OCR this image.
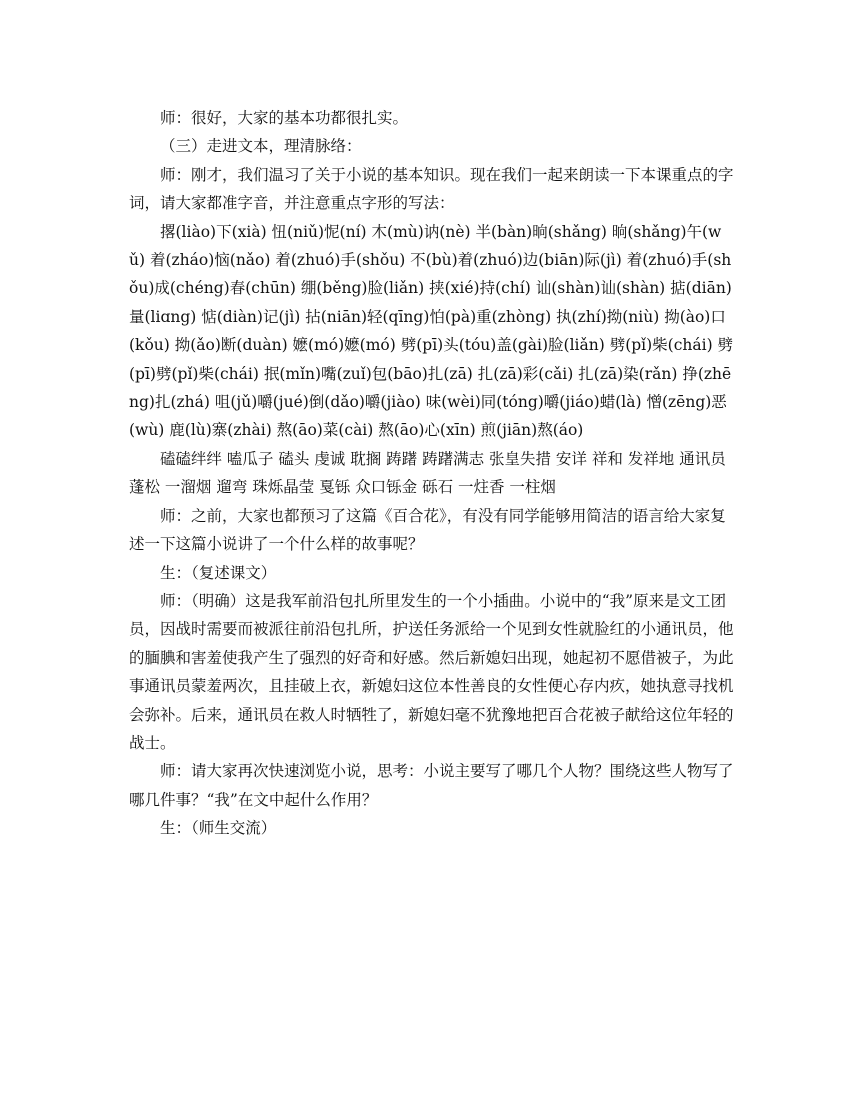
师：很好，大家的基本功都很扎实。

（三）走进文本，理清脉络：

师：刚才，我们温习了关于小说的基本知识。现在我们一起来朗读一下本课重点的字词，请大家都准字音，并注意重点字形的写法：

撂(liào)下(xià) 忸(niǔ)怩(ní) 木(mù)讷(nè) 半(bàn)晌(shǎng) 晌(shǎng)午(wǔ) 着(zháo)恼(nǎo) 着(zhuó)手(shǒu) 不(bù)着(zhuó)边(biān)际(jì) 着(zhuó)手(shǒu)成(chéng)春(chūn) 绷(běng)脸(liǎn) 挟(xié)持(chí) 讪(shàn)讪(shàn) 掂(diān)量(liɑng) 惦(diàn)记(jì) 拈(niān)轻(qīng)怕(pà)重(zhòng) 执(zhí)拗(niù) 拗(ào)口(kǒu) 拗(ǎo)断(duàn) 嬷(mó)嬷(mó) 劈(pī)头(tóu)盖(gài)脸(liǎn) 劈(pǐ)柴(chái) 劈(pī)劈(pǐ)柴(chái) 抿(mǐn)嘴(zuǐ)包(bāo)扎(zā) 扎(zā)彩(cǎi) 扎(zā)染(rǎn) 挣(zhēng)扎(zhá) 咀(jǔ)嚼(jué)倒(dǎo)嚼(jiào) 味(wèi)同(tóng)嚼(jiáo)蜡(là) 憎(zēng)恶(wù) 鹿(lù)寨(zhài) 熬(āo)菜(cài) 熬(āo)心(xīn) 煎(jiān)熬(áo)

磕磕绊绊 嗑瓜子 磕头 虔诚 耽搁 踌躇 踌躇满志 张皇失措 安详 祥和 发祥地 通讯员 蓬松 一溜烟 遛弯 珠烁晶莹 戛铄 众口铄金 砾石 一炷香 一柱烟

师：之前，大家也都预习了这篇《百合花》，有没有同学能够用简洁的语言给大家复述一下这篇小说讲了一个什么样的故事呢？

生：（复述课文）

师：（明确）这是我军前沿包扎所里发生的一个小插曲。小说中的“我”原来是文工团员，因战时需要而被派往前沿包扎所，护送任务派给一个见到女性就脸红的小通讯员，他的腼腆和害羞使我产生了强烈的好奇和好感。然后新媳妇出现，她起初不愿借被子，为此事通讯员蒙羞两次，且挂破上衣，新媳妇这位本性善良的女性便心存内疚，她执意寻找机会弥补。后来，通讯员在救人时牺牲了，新媳妇毫不犹豫地把百合花被子献给这位年轻的战士。

师：请大家再次快速浏览小说，思考：小说主要写了哪几个人物？围绕这些人物写了哪几件事？“我”在文中起什么作用？

生：（师生交流）
